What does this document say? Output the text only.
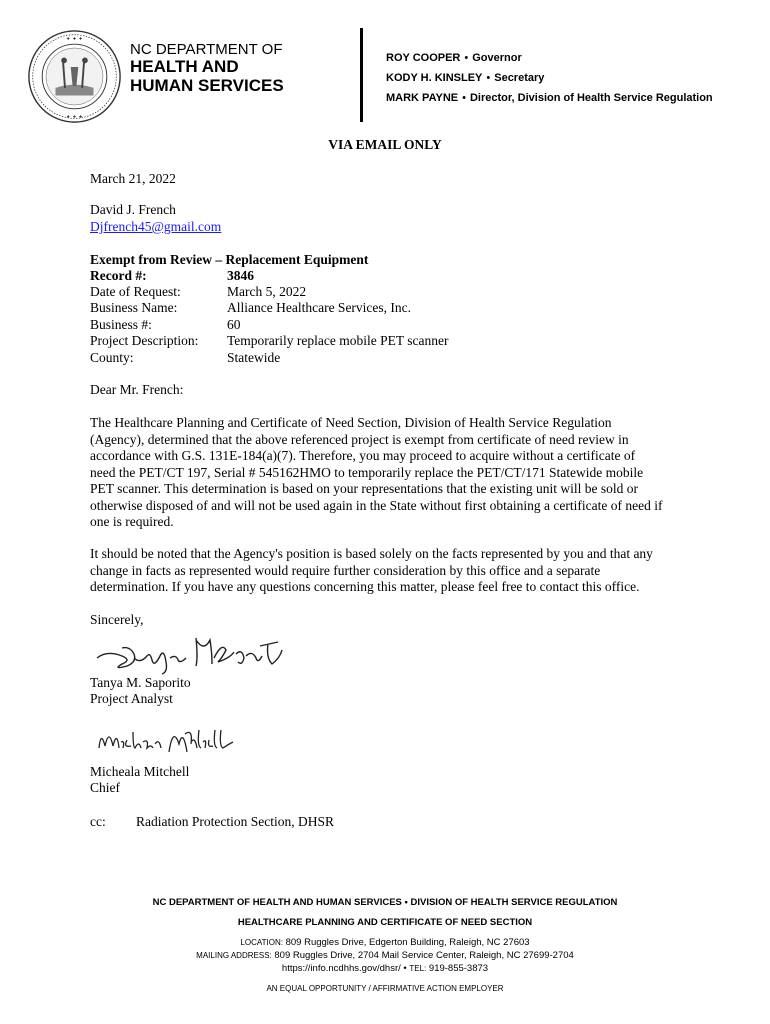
✦ ✦ ✦
✦ ✦ ✦
NC DEPARTMENT OF
HEALTH AND
HUMAN SERVICES
ROY COOPER • Governor
KODY H. KINSLEY • Secretary
MARK PAYNE • Director, Division of Health Service Regulation
VIA EMAIL ONLY
March 21, 2022
David J. French
Djfrench45@gmail.com
Exempt from Review – Replacement Equipment
Record #:	3846
Date of Request:	March 5, 2022
Business Name:	Alliance Healthcare Services, Inc.
Business #:	60
Project Description: Temporarily replace mobile PET scanner
County:	Statewide
Dear Mr. French:
The Healthcare Planning and Certificate of Need Section, Division of Health Service Regulation
(Agency), determined that the above referenced project is exempt from certificate of need review in
accordance with G.S. 131E-184(a)(7). Therefore, you may proceed to acquire without a certificate of
need the PET/CT 197, Serial # 545162HMO to temporarily replace the PET/CT/171 Statewide mobile
PET scanner. This determination is based on your representations that the existing unit will be sold or
otherwise disposed of and will not be used again in the State without first obtaining a certificate of need if
one is required.
It should be noted that the Agency's position is based solely on the facts represented by you and that any
change in facts as represented would require further consideration by this office and a separate
determination. If you have any questions concerning this matter, please feel free to contact this office.
Sincerely,
Tanya M. Saporito
Project Analyst
Micheala Mitchell
Chief
cc: Radiation Protection Section, DHSR
NC DEPARTMENT OF HEALTH AND HUMAN SERVICES • DIVISION OF HEALTH SERVICE REGULATION
HEALTHCARE PLANNING AND CERTIFICATE OF NEED SECTION
LOCATION: 809 Ruggles Drive, Edgerton Building, Raleigh, NC 27603
MAILING ADDRESS: 809 Ruggles Drive, 2704 Mail Service Center, Raleigh, NC 27699-2704
https://info.ncdhhs.gov/dhsr/ • TEL: 919-855-3873
AN EQUAL OPPORTUNITY / AFFIRMATIVE ACTION EMPLOYER
